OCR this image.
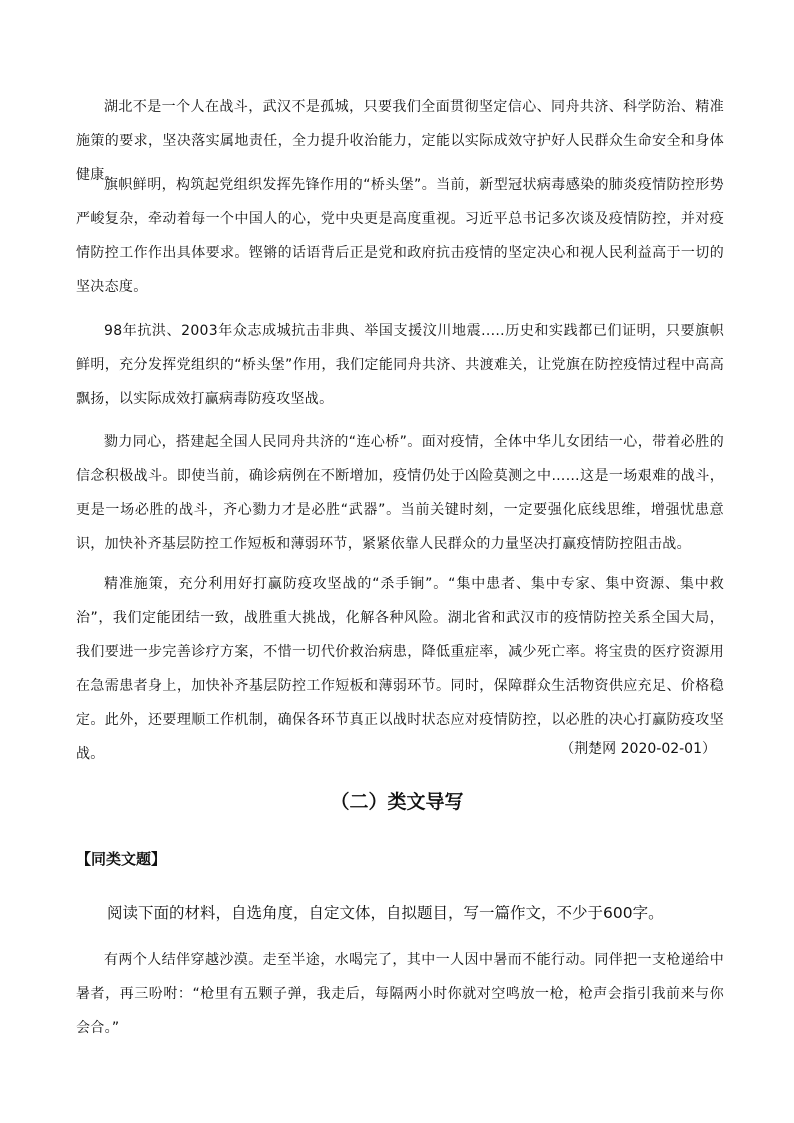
湖北不是一个人在战斗，武汉不是孤城，只要我们全面贯彻坚定信心、同舟共济、科学防治、精准施策的要求，坚决落实属地责任，全力提升收治能力，定能以实际成效守护好人民群众生命安全和身体健康。

旗帜鲜明，构筑起党组织发挥先锋作用的“桥头堡”。当前，新型冠状病毒感染的肺炎疫情防控形势严峻复杂，牵动着每一个中国人的心，党中央更是高度重视。习近平总书记多次谈及疫情防控，并对疫情防控工作作出具体要求。铿锵的话语背后正是党和政府抗击疫情的坚定决心和视人民利益高于一切的坚决态度。

98年抗洪、2003年众志成城抗击非典、举国支援汶川地震.....历史和实践都已们证明，只要旗帜鲜明，充分发挥党组织的“桥头堡”作用，我们定能同舟共济、共渡难关，让党旗在防控疫情过程中高高飘扬，以实际成效打赢病毒防疫攻坚战。

勠力同心，搭建起全国人民同舟共济的“连心桥”。面对疫情，全体中华儿女团结一心，带着必胜的信念积极战斗。即使当前，确诊病例在不断增加，疫情仍处于凶险莫测之中……这是一场艰难的战斗，更是一场必胜的战斗，齐心勠力才是必胜“武器”。当前关键时刻，一定要强化底线思维，增强忧患意识，加快补齐基层防控工作短板和薄弱环节，紧紧依靠人民群众的力量坚决打赢疫情防控阻击战。

精准施策，充分利用好打赢防疫攻坚战的“杀手锏”。“集中患者、集中专家、集中资源、集中救治”，我们定能团结一致，战胜重大挑战，化解各种风险。湖北省和武汉市的疫情防控关系全国大局，我们要进一步完善诊疗方案，不惜一切代价救治病患，降低重症率，减少死亡率。将宝贵的医疗资源用在急需患者身上，加快补齐基层防控工作短板和薄弱环节。同时，保障群众生活物资供应充足、价格稳定。此外，还要理顺工作机制，确保各环节真正以战时状态应对疫情防控，以必胜的决心打赢防疫攻坚战。	（荆楚网 2020-02-01）

（二）类文导写

【同类文题】

阅读下面的材料，自选角度，自定文体，自拟题目，写一篇作文，不少于600字。

有两个人结伴穿越沙漠。走至半途，水喝完了，其中一人因中暑而不能行动。同伴把一支枪递给中暑者，再三吩咐：“枪里有五颗子弹，我走后，每隔两小时你就对空鸣放一枪，枪声会指引我前来与你会合。”
